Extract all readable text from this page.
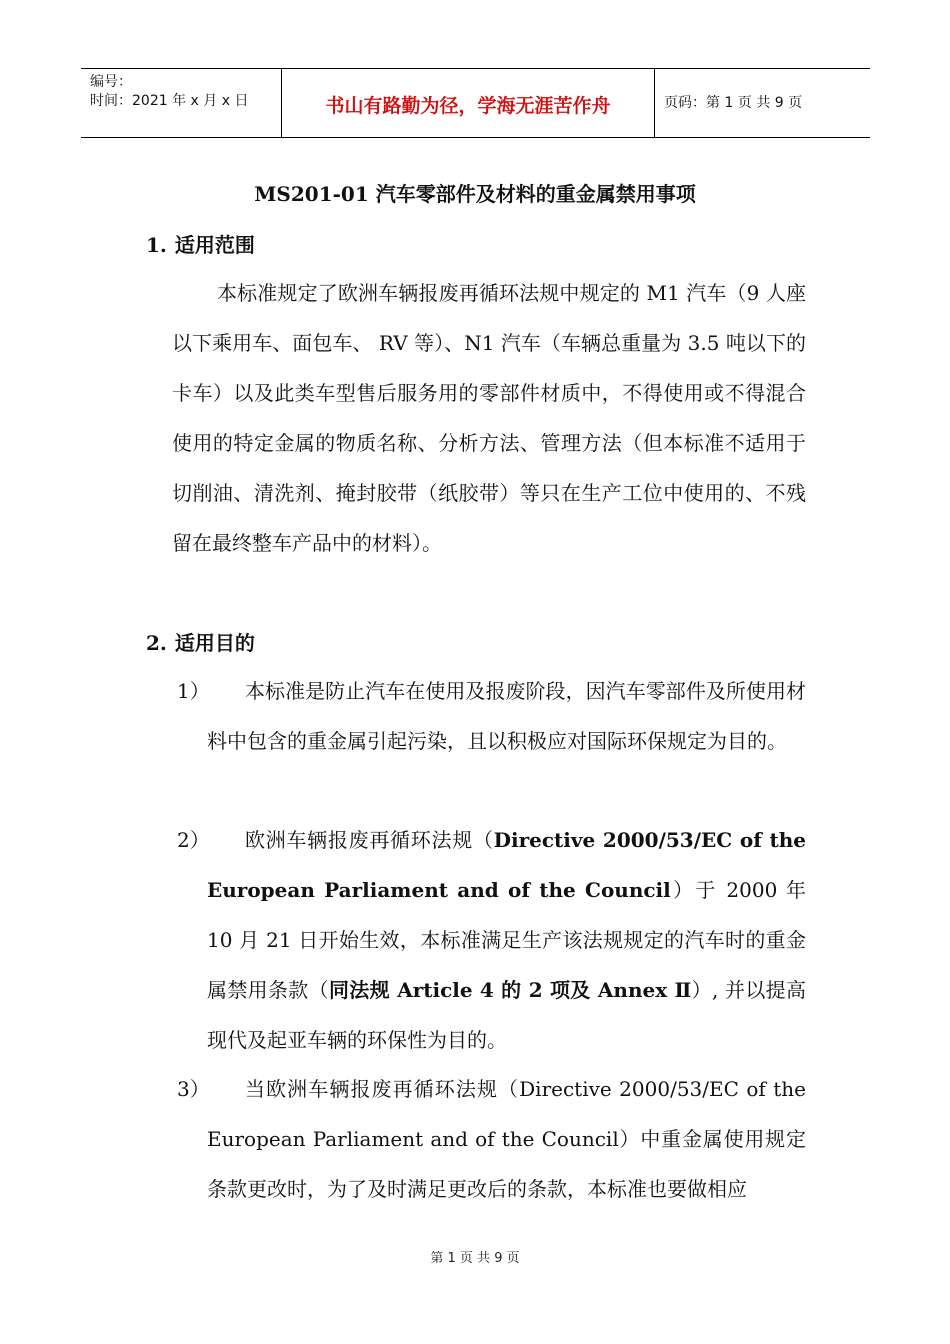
编号：
时间：2021 年 x 月 x 日	书山有路勤为径，学海无涯苦作舟	页码：第 1 页 共 9 页
MS201-01 汽车零部件及材料的重金属禁用事项
1. 适用范围
本标准规定了欧洲车辆报废再循环法规中规定的 M1 汽车（9 人座以下乘用车、面包车、 RV 等）、N1 汽车（车辆总重量为 3.5 吨以下的卡车）以及此类车型售后服务用的零部件材质中，不得使用或不得混合使用的特定金属的物质名称、分析方法、管理方法（但本标准不适用于切削油、清洗剂、掩封胶带（纸胶带）等只在生产工位中使用的、不残留在最终整车产品中的材料）。
2. 适用目的
1）	本标准是防止汽车在使用及报废阶段，因汽车零部件及所使用材料中包含的重金属引起污染，且以积极应对国际环保规定为目的。
2）	欧洲车辆报废再循环法规（Directive 2000/53/EC of the European Parliament and of the Council）于 2000 年 10 月 21 日开始生效，本标准满足生产该法规规定的汽车时的重金属禁用条款（同法规 Article 4 的 2 项及 Annex Ⅱ）, 并以提高现代及起亚车辆的环保性为目的。
3）	当欧洲车辆报废再循环法规（Directive 2000/53/EC of the European Parliament and of the Council）中重金属使用规定条款更改时，为了及时满足更改后的条款，本标准也要做相应
第 1 页 共 9 页
